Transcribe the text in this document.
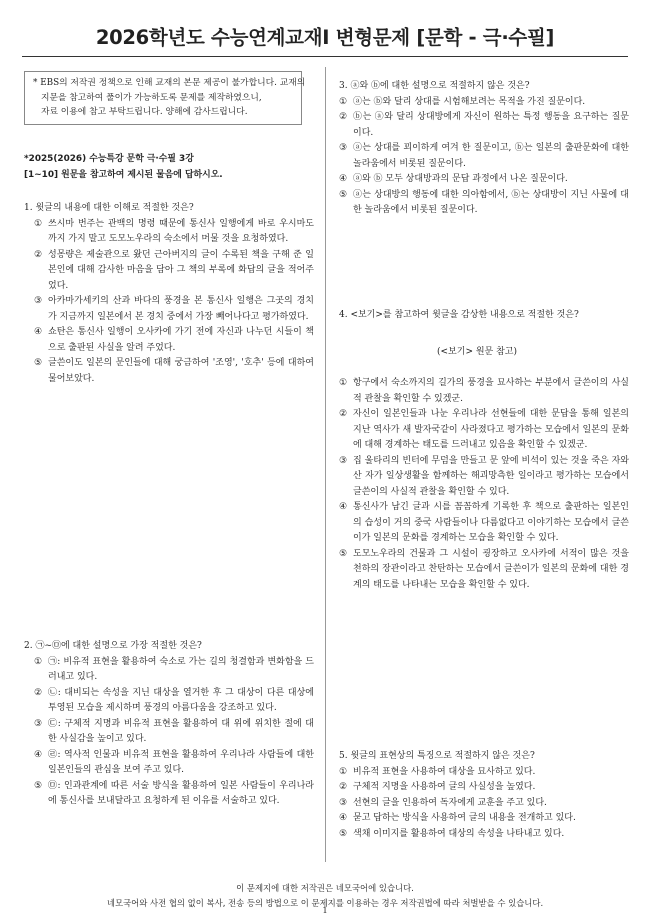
2026학년도 수능연계교재Ⅰ 변형문제 [문학 - 극·수필]
* EBS의 저작권 정책으로 인해 교재의 본문 제공이 불가합니다. 교재의
지문을 참고하여 풀이가 가능하도록 문제를 제작하였으니,
자료 이용에 참고 부탁드립니다. 양해에 감사드립니다.
*2025(2026) 수능특강 문학 극·수필 3강
[1~10] 원문을 참고하여 제시된 물음에 답하시오.
1. 윗글의 내용에 대한 이해로 적절한 것은?
① 쓰시마 번주는 관백의 명령 때문에 통신사 일행에게 바로 우시마도까지 가지 말고 도모노우라의 숙소에서 머물 것을 요청하였다.
② 성몽량은 제술관으로 왔던 근아버지의 글이 수록된 책을 구해 준 일본인에 대해 감사한 마음을 담아 그 책의 부록에 화답의 글을 적어주었다.
③ 아카마가세키의 산과 바다의 풍경을 본 통신사 일행은 그곳의 경치가 지금까지 일본에서 본 경치 중에서 가장 빼어나다고 평가하였다.
④ 쇼탄은 통신사 일행이 오사카에 가기 전에 자신과 나누던 시들이 책으로 출판된 사실을 알려 주었다.
⑤ 글쓴이도 일본의 문인들에 대해 궁금하여 '조영', '호추' 등에 대하여 물어보았다.
2. ㉠~㉤에 대한 설명으로 가장 적절한 것은?
① ㉠: 비유적 표현을 활용하여 숙소로 가는 길의 청결함과 변화함을 드러내고 있다.
② ㉡: 대비되는 속성을 지닌 대상을 열거한 후 그 대상이 다른 대상에 투영된 모습을 제시하며 풍경의 아름다움을 강조하고 있다.
③ ㉢: 구체적 지명과 비유적 표현을 활용하여 대 위에 위치한 절에 대한 사실감을 높이고 있다.
④ ㉣: 역사적 인물과 비유적 표현을 활용하여 우리나라 사람들에 대한 일본인들의 관심을 보여 주고 있다.
⑤ ㉤: 인과관계에 따른 서술 방식을 활용하여 일본 사람들이 우리나라에 통신사를 보내달라고 요청하게 된 이유를 서술하고 있다.
3. ⓐ와 ⓑ에 대한 설명으로 적절하지 않은 것은?
① ⓐ는 ⓑ와 달리 상대를 시험해보려는 목적을 가진 질문이다.
② ⓑ는 ⓐ와 달리 상대방에게 자신이 원하는 특정 행동을 요구하는 질문이다.
③ ⓐ는 상대를 꾀이하게 여겨 한 질문이고, ⓑ는 일본의 출판문화에 대한 놀라움에서 비롯된 질문이다.
④ ⓐ와 ⓑ 모두 상대방과의 문답 과정에서 나온 질문이다.
⑤ ⓐ는 상대방의 행동에 대한 의아함에서, ⓑ는 상대방이 지닌 사물에 대한 놀라움에서 비롯된 질문이다.
4. <보기>를 참고하여 윗글을 감상한 내용으로 적절한 것은?
(<보기> 원문 참고)
① 항구에서 숙소까지의 길가의 풍경을 묘사하는 부분에서 글쓴이의 사실적 관찰을 확인할 수 있겠군.
② 자신이 일본인들과 나눈 우리나라 선현들에 대한 문답을 통해 일본의 지난 역사가 새 발자국같이 사라졌다고 평가하는 모습에서 일본의 문화에 대해 경계하는 태도를 드러내고 있음을 확인할 수 있겠군.
③ 집 울타리의 빈터에 무덤을 만들고 문 앞에 비석이 있는 것을 죽은 자와 산 자가 일상생활을 함께하는 해괴망측한 일이라고 평가하는 모습에서 글쓴이의 사실적 관찰을 확인할 수 있다.
④ 통신사가 남긴 글과 시를 꼼꼼하게 기록한 후 책으로 출판하는 일본인의 습성이 거의 중국 사람들이나 다름없다고 이야기하는 모습에서 글쓴이가 일본의 문화를 경계하는 모습을 확인할 수 있다.
⑤ 도모노우라의 건물과 그 시설이 굉장하고 오사카에 서적이 많은 것을 천하의 장관이라고 찬탄하는 모습에서 글쓴이가 일본의 문화에 대한 경계의 태도를 나타내는 모습을 확인할 수 있다.
5. 윗글의 표현상의 특징으로 적절하지 않은 것은?
① 비유적 표현을 사용하여 대상을 묘사하고 있다.
② 구체적 지명을 사용하여 글의 사실성을 높였다.
③ 선현의 글을 인용하여 독자에게 교훈을 주고 있다.
④ 묻고 답하는 방식을 사용하여 글의 내용을 전개하고 있다.
⑤ 색채 이미지를 활용하여 대상의 속성을 나타내고 있다.
이 문제지에 대한 저작권은 네모국어에 있습니다.
네모국어와 사전 협의 없이 복사, 전송 등의 방법으로 이 문제지를 이용하는 경우 저작권법에 따라 처벌받을 수 있습니다.
1
